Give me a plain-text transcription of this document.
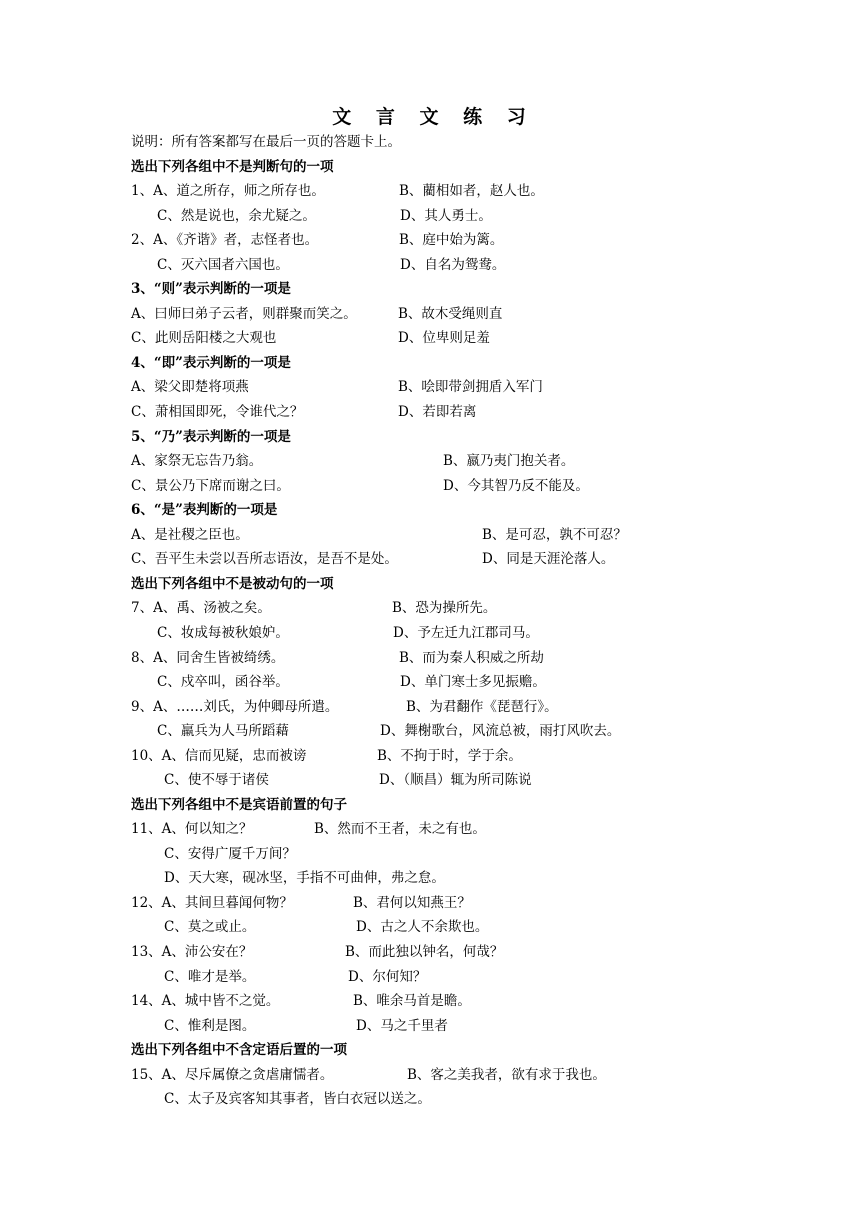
文 言 文 练 习
说明：所有答案都写在最后一页的答题卡上。
选出下列各组中不是判断句的一项
1、A、道之所存，师之所存也。	B、藺相如者，赵人也。
C、然是说也，余尤疑之。	D、其人勇士。
2、A、《齐谐》者，志怪者也。	B、庭中始为篱。
C、灭六国者六国也。	D、自名为鸳鸯。
3、“则”表示判断的一项是
A、曰师曰弟子云者，则群聚而笑之。	B、故木受绳则直
C、此则岳阳楼之大观也	D、位卑则足羞
4、“即”表示判断的一项是
A、梁父即楚将项燕	B、哙即带剑拥盾入军门
C、萧相国即死，令谁代之？	D、若即若离
5、“乃”表示判断的一项是
A、家祭无忘告乃翁。	B、嬴乃夷门抱关者。
C、景公乃下席而谢之曰。	D、今其智乃反不能及。
6、“是”表判断的一项是
A、是社稷之臣也。	B、是可忍，孰不可忍？
C、吾平生未尝以吾所志语汝，是吾不是处。	D、同是天涯沦落人。
选出下列各组中不是被动句的一项
7、A、禹、汤被之矣。	B、恐为操所先。
C、妆成每被秋娘妒。	D、予左迁九江郡司马。
8、A、同舍生皆被绮绣。	B、而为秦人积威之所劫
C、戍卒叫，函谷举。	D、单门寒士多见振赡。
9、A、……刘氏，为仲卿母所遣。	B、为君翻作《琵琶行》。
C、羸兵为人马所蹈藉	D、舞榭歌台，风流总被，雨打风吹去。
10、A、信而见疑，忠而被谤	B、不拘于时，学于余。
C、使不辱于诸侯	D、（顺昌）辄为所司陈说
选出下列各组中不是宾语前置的句子
11、A、何以知之？	B、然而不王者，未之有也。
C、安得广厦千万间？
D、天大寒，砚冰坚，手指不可曲伸，弗之怠。
12、A、其间旦暮闻何物？	B、君何以知燕王？
C、莫之或止。	D、古之人不余欺也。
13、A、沛公安在？	B、而此独以钟名，何哉？
C、唯才是举。	D、尔何知？
14、A、城中皆不之觉。	B、唯余马首是瞻。
C、惟利是图。	D、马之千里者
选出下列各组中不含定语后置的一项
15、A、尽斥属僚之贪虐庸懦者。	B、客之美我者，欲有求于我也。
C、太子及宾客知其事者，皆白衣冠以送之。
